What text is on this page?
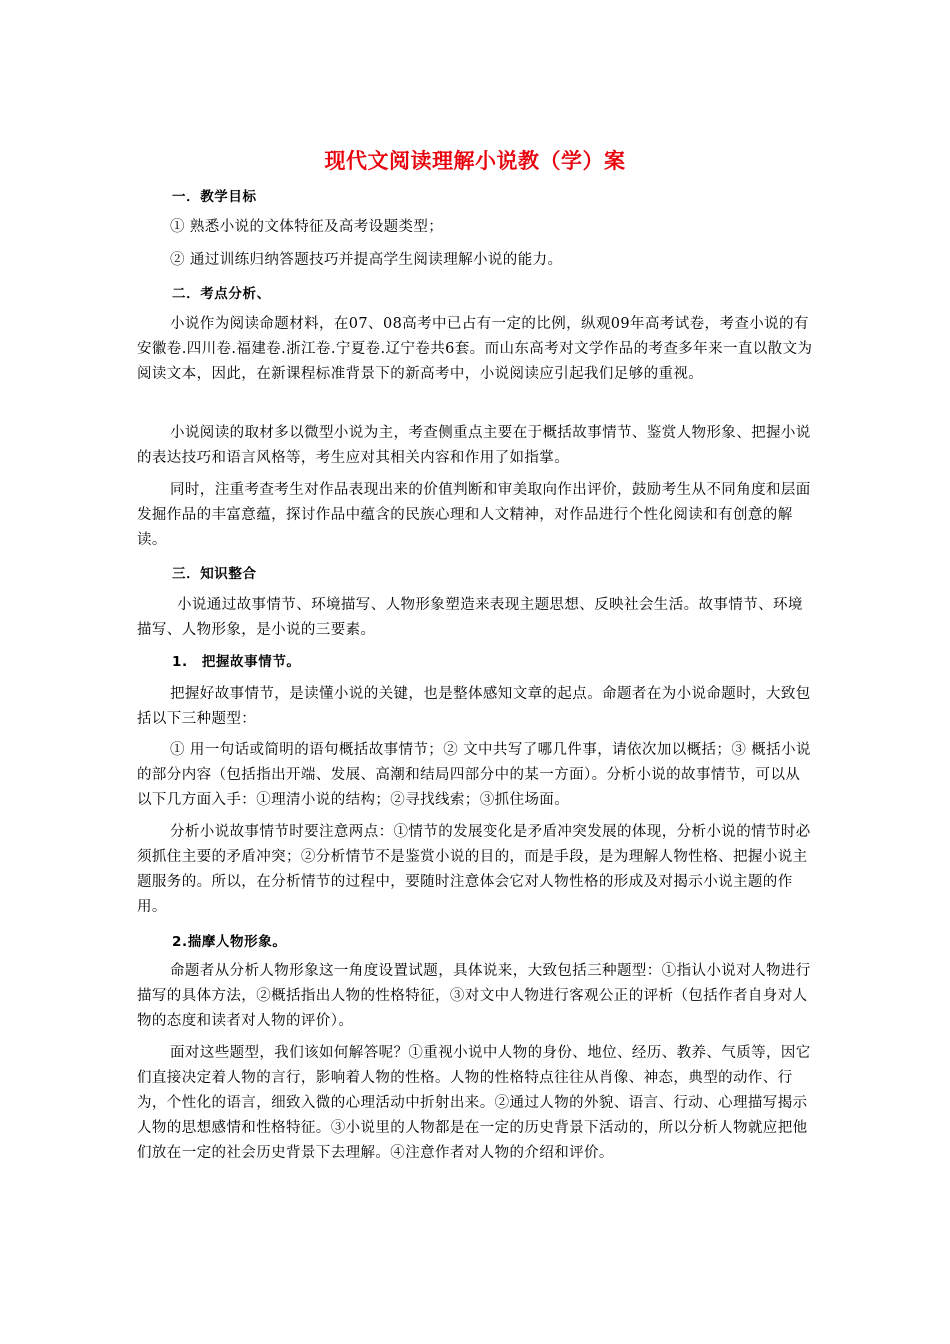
现代文阅读理解小说教（学）案
一．教学目标
① 熟悉小说的文体特征及高考设题类型；
② 通过训练归纳答题技巧并提高学生阅读理解小说的能力。
二．考点分析、
小说作为阅读命题材料，在07、08高考中已占有一定的比例，纵观09年高考试卷，考查小说的有安徽卷.四川卷.福建卷.浙江卷.宁夏卷.辽宁卷共6套。而山东高考对文学作品的考查多年来一直以散文为阅读文本，因此，在新课程标准背景下的新高考中，小说阅读应引起我们足够的重视。
小说阅读的取材多以微型小说为主，考查侧重点主要在于概括故事情节、鉴赏人物形象、把握小说的表达技巧和语言风格等，考生应对其相关内容和作用了如指掌。
同时，注重考查考生对作品表现出来的价值判断和审美取向作出评价，鼓励考生从不同角度和层面发掘作品的丰富意蕴，探讨作品中蕴含的民族心理和人文精神，对作品进行个性化阅读和有创意的解读。
三．知识整合
小说通过故事情节、环境描写、人物形象塑造来表现主题思想、反映社会生活。故事情节、环境描写、人物形象，是小说的三要素。
1.　把握故事情节。
把握好故事情节，是读懂小说的关键，也是整体感知文章的起点。命题者在为小说命题时，大致包括以下三种题型：
① 用一句话或简明的语句概括故事情节；② 文中共写了哪几件事，请依次加以概括；③ 概括小说的部分内容（包括指出开端、发展、高潮和结局四部分中的某一方面）。分析小说的故事情节，可以从以下几方面入手：①理清小说的结构；②寻找线索；③抓住场面。
分析小说故事情节时要注意两点：①情节的发展变化是矛盾冲突发展的体现，分析小说的情节时必须抓住主要的矛盾冲突；②分析情节不是鉴赏小说的目的，而是手段，是为理解人物性格、把握小说主题服务的。所以，在分析情节的过程中，要随时注意体会它对人物性格的形成及对揭示小说主题的作用。
2.揣摩人物形象。
命题者从分析人物形象这一角度设置试题，具体说来，大致包括三种题型：①指认小说对人物进行描写的具体方法，②概括指出人物的性格特征，③对文中人物进行客观公正的评析（包括作者自身对人物的态度和读者对人物的评价）。
面对这些题型，我们该如何解答呢？①重视小说中人物的身份、地位、经历、教养、气质等，因它们直接决定着人物的言行，影响着人物的性格。人物的性格特点往往从肖像、神态，典型的动作、行为，个性化的语言，细致入微的心理活动中折射出来。②通过人物的外貌、语言、行动、心理描写揭示人物的思想感情和性格特征。③小说里的人物都是在一定的历史背景下活动的，所以分析人物就应把他们放在一定的社会历史背景下去理解。④注意作者对人物的介绍和评价。
